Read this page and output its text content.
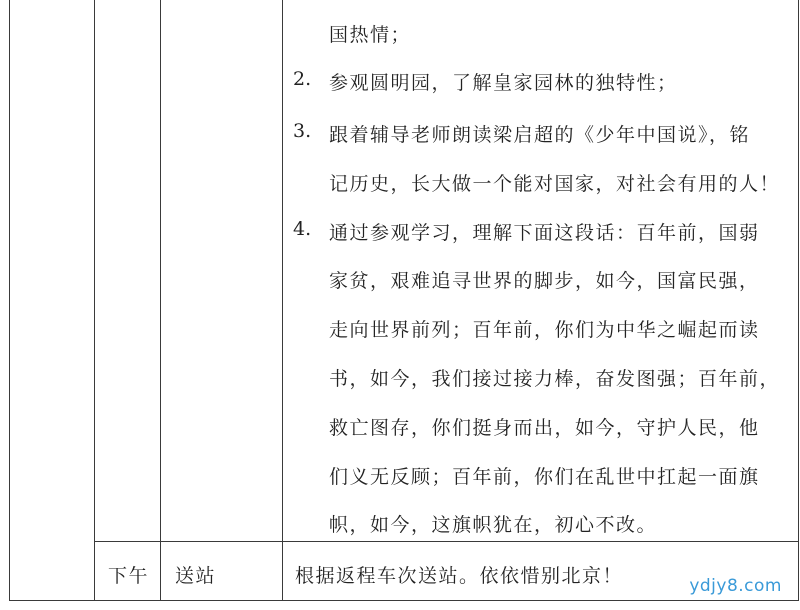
国热情；
2. 参观圆明园，了解皇家园林的独特性；
3. 跟着辅导老师朗读梁启超的《少年中国说》，铭
记历史，长大做一个能对国家，对社会有用的人！
4. 通过参观学习，理解下面这段话：百年前，国弱
家贫，艰难追寻世界的脚步，如今，国富民强，
走向世界前列；百年前，你们为中华之崛起而读
书，如今，我们接过接力棒，奋发图强；百年前，
救亡图存，你们挺身而出，如今，守护人民，他
们义无反顾；百年前，你们在乱世中扛起一面旗
帜，如今，这旗帜犹在，初心不改。
下午 送站	根据返程车次送站。依依惜别北京！	ydjy8.com
